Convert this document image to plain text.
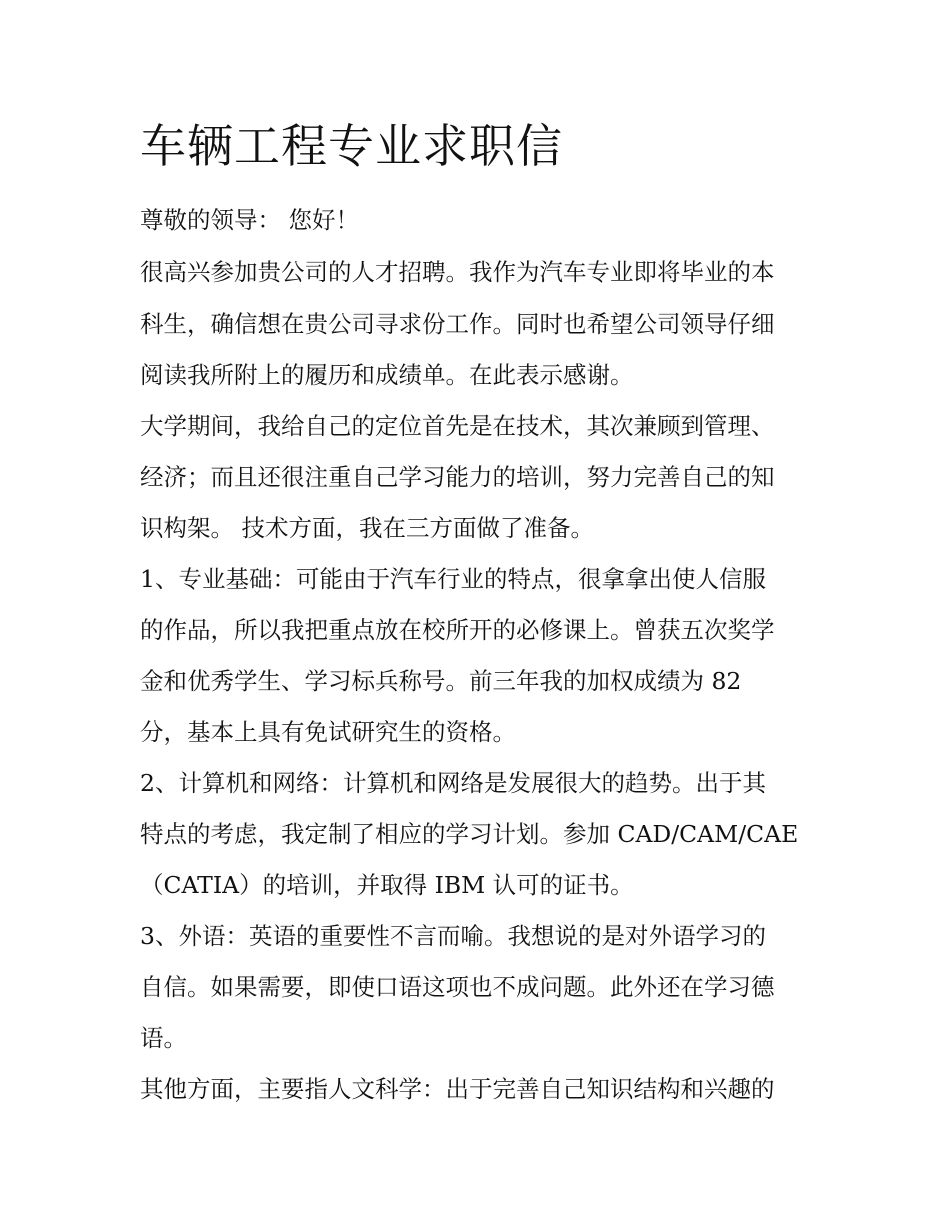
车辆工程专业求职信
尊敬的领导： 您好！
很高兴参加贵公司的人才招聘。我作为汽车专业即将毕业的本
科生，确信想在贵公司寻求份工作。同时也希望公司领导仔细
阅读我所附上的履历和成绩单。在此表示感谢。
大学期间，我给自己的定位首先是在技术，其次兼顾到管理、
经济；而且还很注重自己学习能力的培训，努力完善自己的知
识构架。 技术方面，我在三方面做了准备。
1、专业基础：可能由于汽车行业的特点，很拿拿出使人信服
的作品，所以我把重点放在校所开的必修课上。曾获五次奖学
金和优秀学生、学习标兵称号。前三年我的加权成绩为 82
分，基本上具有免试研究生的资格。
2、计算机和网络：计算机和网络是发展很大的趋势。出于其
特点的考虑，我定制了相应的学习计划。参加 CAD/CAM/CAE
（CATIA）的培训，并取得 IBM 认可的证书。
3、外语：英语的重要性不言而喻。我想说的是对外语学习的
自信。如果需要，即使口语这项也不成问题。此外还在学习德
语。
其他方面，主要指人文科学：出于完善自己知识结构和兴趣的
